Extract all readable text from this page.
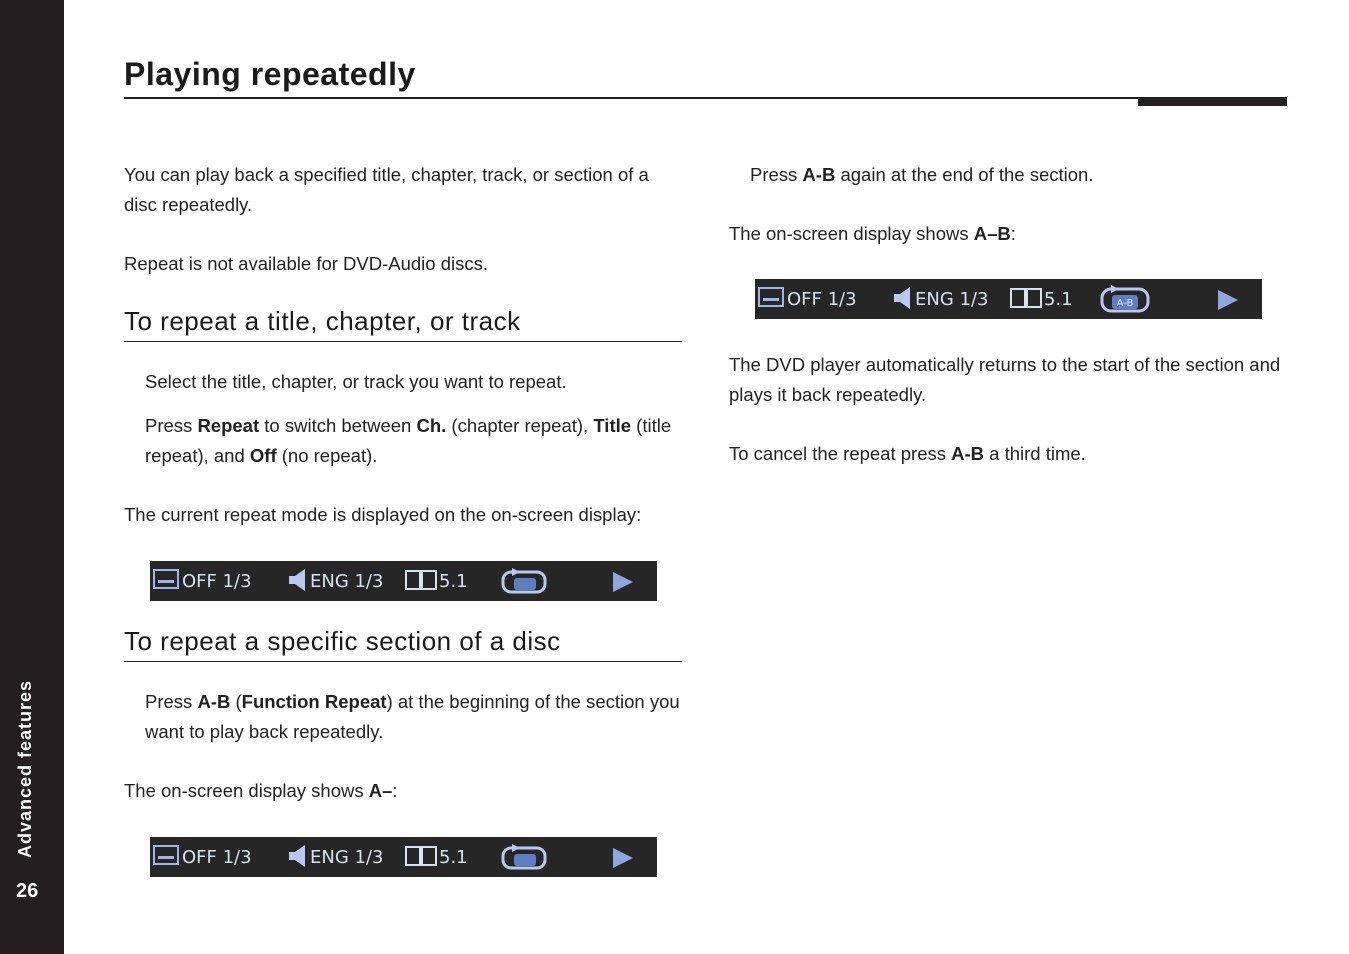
Advanced features
26
Playing repeatedly

You can play back a specified title, chapter, track, or section of a disc repeatedly.

Repeat is not available for DVD-Audio discs.

To repeat a title, chapter, or track

Select the title, chapter, or track you want to repeat.

Press Repeat to switch between Ch. (chapter repeat), Title (title repeat), and Off (no repeat).

The current repeat mode is displayed on the on-screen display:

OFF 1/3	ENG 1/3	5.1
To repeat a specific section of a disc

Press A-B (Function Repeat) at the beginning of the section you want to play back repeatedly.

The on-screen display shows A–:

OFF 1/3	ENG 1/3	5.1

Press A-B again at the end of the section.

The on-screen display shows A–B:

OFF 1/3	ENG 1/3	5.1	A-B

The DVD player automatically returns to the start of the section and plays it back repeatedly.

To cancel the repeat press A-B a third time.
